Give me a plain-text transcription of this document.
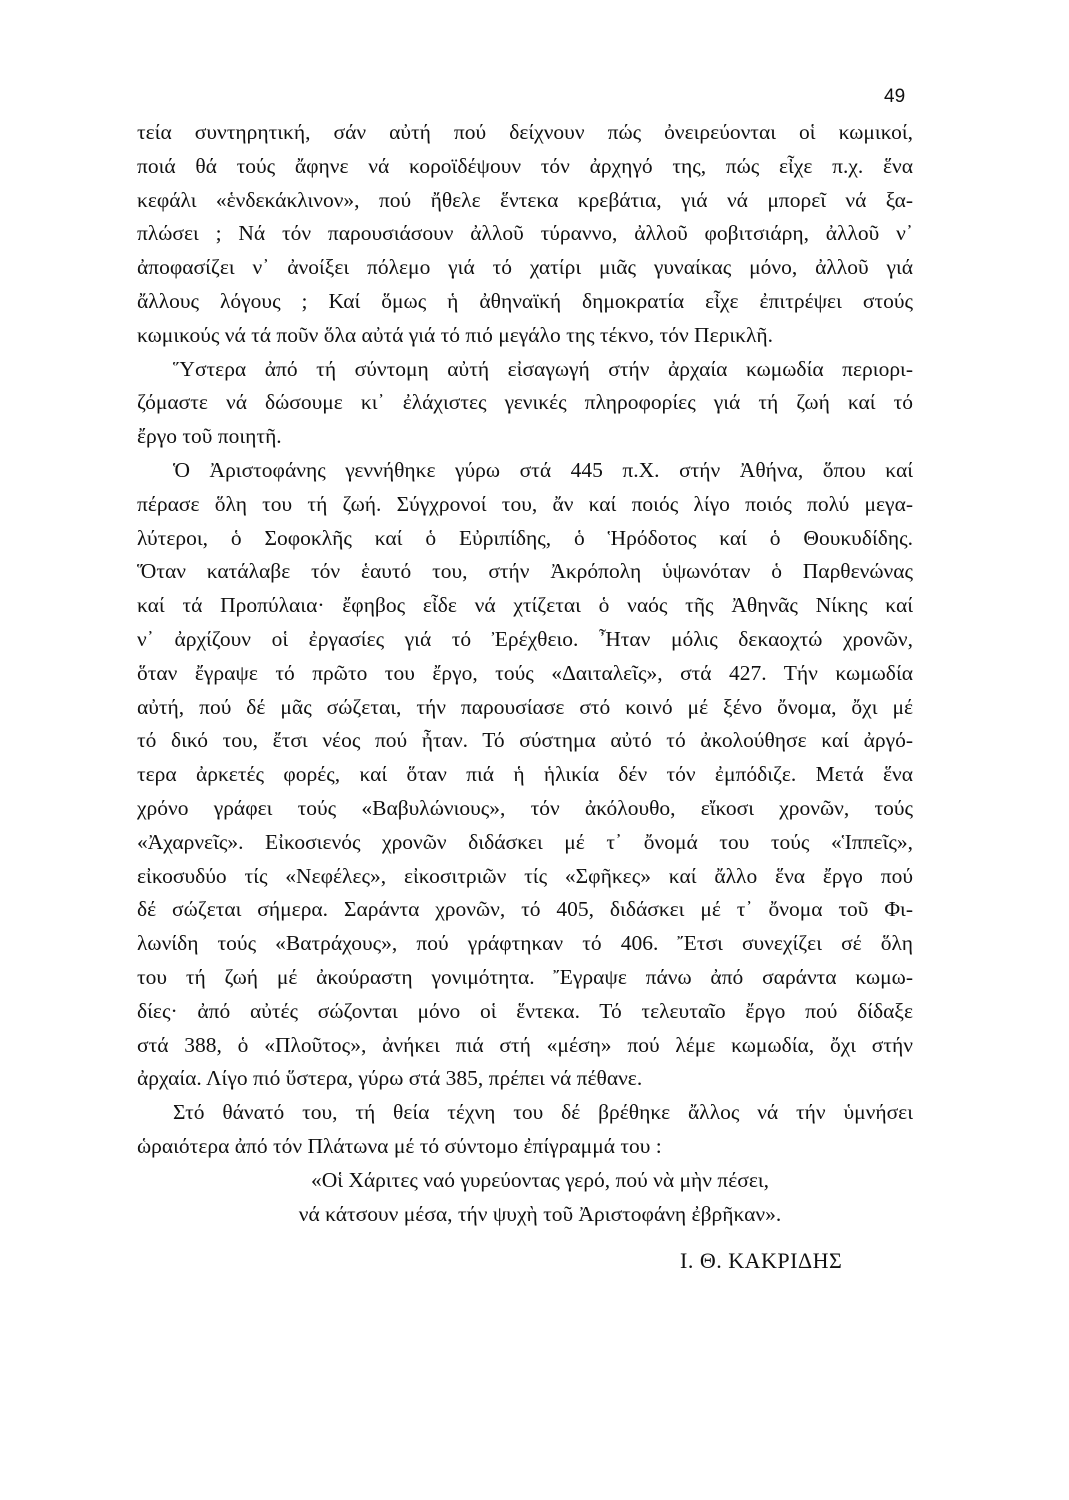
49
τεία συντηρητική, σάν αὐτή πού δείχνουν πώς ὀνειρεύονται οἱ κωμικοί,
ποιά θά τούς ἄφηνε νά κοροϊδέψουν τόν ἀρχηγό της, πώς εἶχε π.χ. ἕνα
κεφάλι «ἑνδεκάκλινον», πού ἤθελε ἕντεκα κρεβάτια, γιά νά μπορεῖ νά ξα-
πλώσει ; Νά τόν παρουσιάσουν ἀλλοῦ τύραννο, ἀλλοῦ φοβιτσιάρη, ἀλλοῦ ν᾽
ἀποφασίζει ν᾽ ἀνοίξει πόλεμο γιά τό χατίρι μιᾶς γυναίκας μόνο, ἀλλοῦ γιά
ἄλλους λόγους ; Καί ὅμως ἡ ἀθηναϊκή δημοκρατία εἶχε ἐπιτρέψει στούς
κωμικούς νά τά ποῦν ὅλα αὐτά γιά τό πιό μεγάλο της τέκνο, τόν Περικλῆ.
Ὕστερα ἀπό τή σύντομη αὐτή εἰσαγωγή στήν ἀρχαία κωμωδία περιορι-
ζόμαστε νά δώσουμε κι᾽ ἐλάχιστες γενικές πληροφορίες γιά τή ζωή καί τό
ἔργο τοῦ ποιητῆ.
Ὁ Ἀριστοφάνης γεννήθηκε γύρω στά 445 π.Χ. στήν Ἀθήνα, ὅπου καί
πέρασε ὅλη του τή ζωή. Σύγχρονοί του, ἄν καί ποιός λίγο ποιός πολύ μεγα-
λύτεροι, ὁ Σοφοκλῆς καί ὁ Εὐριπίδης, ὁ Ἡρόδοτος καί ὁ Θουκυδίδης.
Ὅταν κατάλαβε τόν ἑαυτό του, στήν Ἀκρόπολη ὑψωνόταν ὁ Παρθενώνας
καί τά Προπύλαια· ἔφηβος εἶδε νά χτίζεται ὁ ναός τῆς Ἀθηνᾶς Νίκης καί
ν᾽ ἀρχίζουν οἱ ἐργασίες γιά τό Ἐρέχθειο. Ἦταν μόλις δεκαοχτώ χρονῶν,
ὅταν ἔγραψε τό πρῶτο του ἔργο, τούς «Δαιταλεῖς», στά 427. Τήν κωμωδία
αὐτή, πού δέ μᾶς σώζεται, τήν παρουσίασε στό κοινό μέ ξένο ὄνομα, ὄχι μέ
τό δικό του, ἔτσι νέος πού ἦταν. Τό σύστημα αὐτό τό ἀκολούθησε καί ἀργό-
τερα ἀρκετές φορές, καί ὅταν πιά ἡ ἡλικία δέν τόν ἐμπόδιζε. Μετά ἕνα
χρόνο γράφει τούς «Βαβυλώνιους», τόν ἀκόλουθο, εἴκοσι χρονῶν, τούς
«Ἀχαρνεῖς». Εἰκοσιενός χρονῶν διδάσκει μέ τ᾽ ὄνομά του τούς «Ἱππεῖς»,
εἰκοσυδύο τίς «Νεφέλες», εἰκοσιτριῶν τίς «Σφῆκες» καί ἄλλο ἕνα ἔργο πού
δέ σώζεται σήμερα. Σαράντα χρονῶν, τό 405, διδάσκει μέ τ᾽ ὄνομα τοῦ Φι-
λωνίδη τούς «Βατράχους», πού γράφτηκαν τό 406. Ἔτσι συνεχίζει σέ ὅλη
του τή ζωή μέ ἀκούραστη γονιμότητα. Ἔγραψε πάνω ἀπό σαράντα κωμω-
δίες· ἀπό αὐτές σώζονται μόνο οἱ ἕντεκα. Τό τελευταῖο ἔργο πού δίδαξε
στά 388, ὁ «Πλοῦτος», ἀνήκει πιά στή «μέση» πού λέμε κωμωδία, ὄχι στήν
ἀρχαία. Λίγο πιό ὕστερα, γύρω στά 385, πρέπει νά πέθανε.
Στό θάνατό του, τή θεία τέχνη του δέ βρέθηκε ἄλλος νά τήν ὑμνήσει
ὡραιότερα ἀπό τόν Πλάτωνα μέ τό σύντομο ἐπίγραμμά του :
«Οἱ Χάριτες ναό γυρεύοντας γερό, πού νὰ μὴν πέσει,
νά κάτσουν μέσα, τήν ψυχὴ τοῦ Ἀριστοφάνη ἐβρῆκαν».
Ι. Θ. ΚΑΚΡΙΔΗΣ
